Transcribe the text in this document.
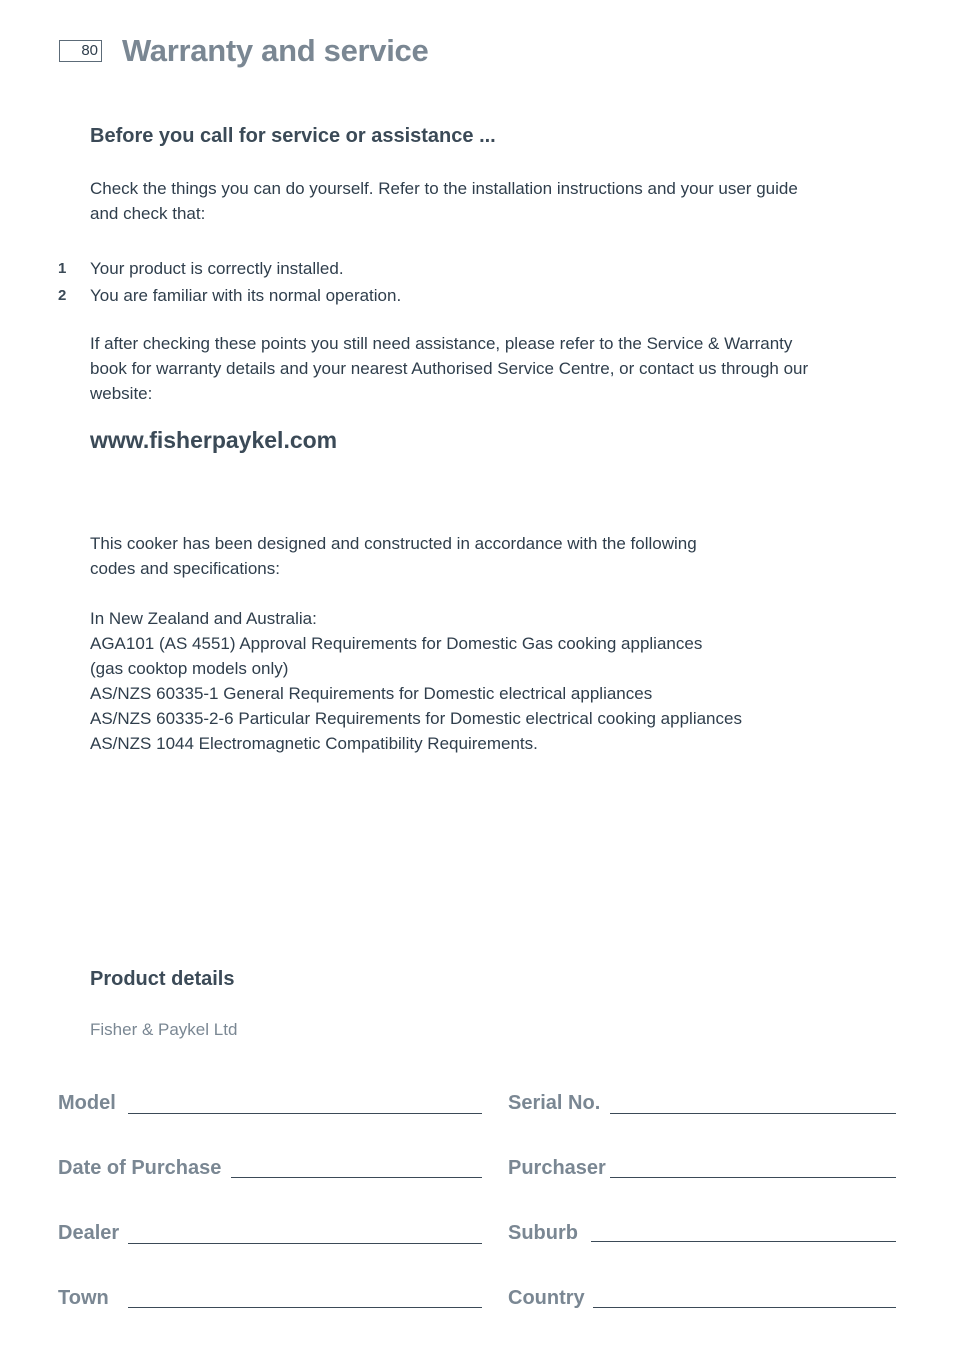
80 Warranty and service
Before you call for service or assistance ...

Check the things you can do yourself. Refer to the installation instructions and your user guide

and check that:

1 Your product is correctly installed.

2 You are familiar with its normal operation.

If after checking these points you still need assistance, please refer to the Service & Warranty

book for warranty details and your nearest Authorised Service Centre, or contact us through our

website:

www.fisherpaykel.com

This cooker has been designed and constructed in accordance with the following

codes and specifications:

In New Zealand and Australia:

AGA101 (AS 4551) Approval Requirements for Domestic Gas cooking appliances

(gas cooktop models only)

AS/NZS 60335-1 General Requirements for Domestic electrical appliances

AS/NZS 60335-2-6 Particular Requirements for Domestic electrical cooking appliances

AS/NZS 1044 Electromagnetic Compatibility Requirements.

Product details
Fisher & Paykel Ltd
Model	Serial No.
Date of Purchase	Purchaser
Dealer	Suburb
Town	Country
